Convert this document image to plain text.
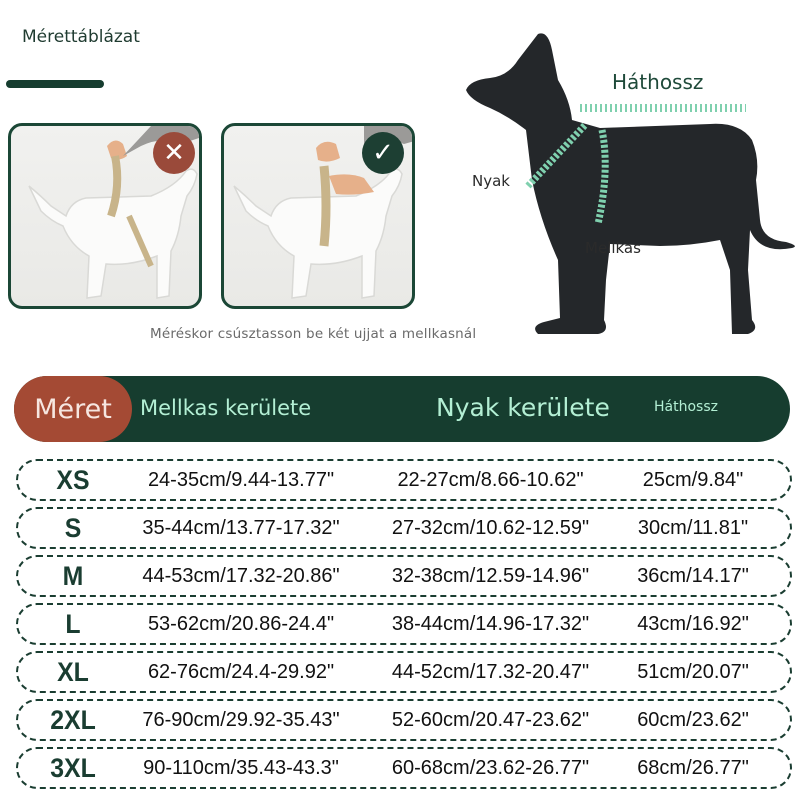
Mérettáblázat
✕	✓
Méréskor csúsztasson be két ujjat a mellkasnál
Háthossz
Nyak
Mellkas
Méret	Mellkas kerülete	Nyak kerülete	Háthossz
XS	24-35cm/9.44-13.77"	22-27cm/8.66-10.62"	25cm/9.84"
S	35-44cm/13.77-17.32"	27-32cm/10.62-12.59"	30cm/11.81"
M	44-53cm/17.32-20.86"	32-38cm/12.59-14.96"	36cm/14.17"
L	53-62cm/20.86-24.4"	38-44cm/14.96-17.32"	43cm/16.92"
XL	62-76cm/24.4-29.92"	44-52cm/17.32-20.47"	51cm/20.07"
2XL	76-90cm/29.92-35.43"	52-60cm/20.47-23.62"	60cm/23.62"
3XL	90-110cm/35.43-43.3"	60-68cm/23.62-26.77"	68cm/26.77"
